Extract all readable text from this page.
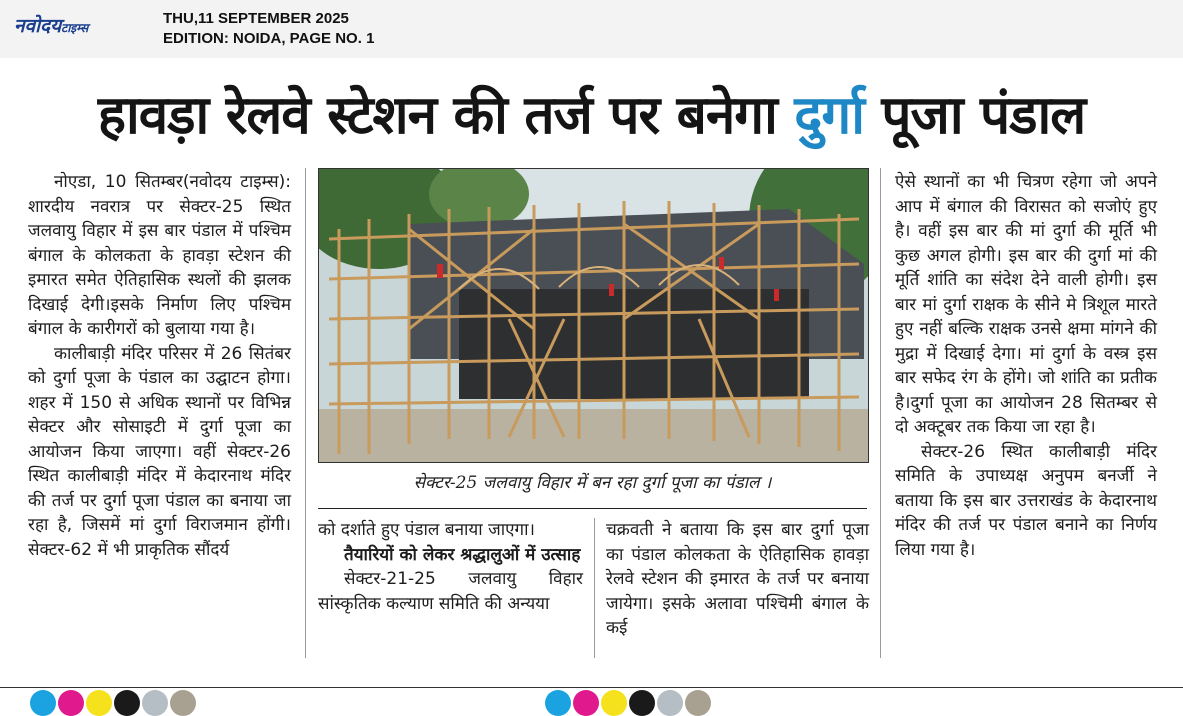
नवोदयटाइम्स
THU,11 SEPTEMBER 2025
EDITION: NOIDA, PAGE NO. 1
हावड़ा रेलवे स्टेशन की तर्ज पर बनेगा दुर्गा पूजा पंडाल

नोएडा, 10 सितम्बर(नवोदय टाइम्स): शारदीय नवरात्र पर सेक्टर-25 स्थित जलवायु विहार में इस बार पंडाल में पश्चिम बंगाल के कोलकता के हावड़ा स्टेशन की इमारत समेत ऐतिहासिक स्थलों की झलक दिखाई देगी।इसके निर्माण लिए पश्चिम बंगाल के कारीगरों को बुलाया गया है।

कालीबाड़ी मंदिर परिसर में 26 सितंबर को दुर्गा पूजा के पंडाल का उद्घाटन होगा। शहर में 150 से अधिक स्थानों पर विभिन्न सेक्टर और सोसाइटी में दुर्गा पूजा का आयोजन किया जाएगा। वहीं सेक्टर-26 स्थित कालीबाड़ी मंदिर में केदारनाथ मंदिर की तर्ज पर दुर्गा पूजा पंडाल का बनाया जा रहा है, जिसमें मां दुर्गा विराजमान होंगी। सेक्टर-62 में भी प्राकृतिक सौंदर्य

सेक्टर-25 जलवायु विहार में बन रहा दुर्गा पूजा का पंडाल ।

को दर्शाते हुए पंडाल बनाया जाएगा।

तैयारियों को लेकर श्रद्धालुओं में उत्साह

सेक्टर-21-25 जलवायु विहार सांस्कृतिक कल्याण समिति की अन्यया

चक्रवती ने बताया कि इस बार दुर्गा पूजा का पंडाल कोलकता के ऐतिहासिक हावड़ा रेलवे स्टेशन की इमारत के तर्ज पर बनाया जायेगा। इसके अलावा पश्चिमी बंगाल के कई

ऐसे स्थानों का भी चित्रण रहेगा जो अपने आप में बंगाल की विरासत को सजोएं हुए है। वहीं इस बार की मां दुर्गा की मूर्ति भी कुछ अगल होगी। इस बार की दुर्गा मां की मूर्ति शांति का संदेश देने वाली होगी। इस बार मां दुर्गा राक्षक के सीने मे त्रिशूल मारते हुए नहीं बल्कि राक्षक उनसे क्षमा मांगने की मुद्रा में दिखाई देगा। मां दुर्गा के वस्त्र इस बार सफेद रंग के होंगे। जो शांति का प्रतीक है।दुर्गा पूजा का आयोजन 28 सितम्बर से दो अक्टूबर तक किया जा रहा है।

सेक्टर-26 स्थित कालीबाड़ी मंदिर समिति के उपाध्यक्ष अनुपम बनर्जी ने बताया कि इस बार उत्तराखंड के केदारनाथ मंदिर की तर्ज पर पंडाल बनाने का निर्णय लिया गया है।
